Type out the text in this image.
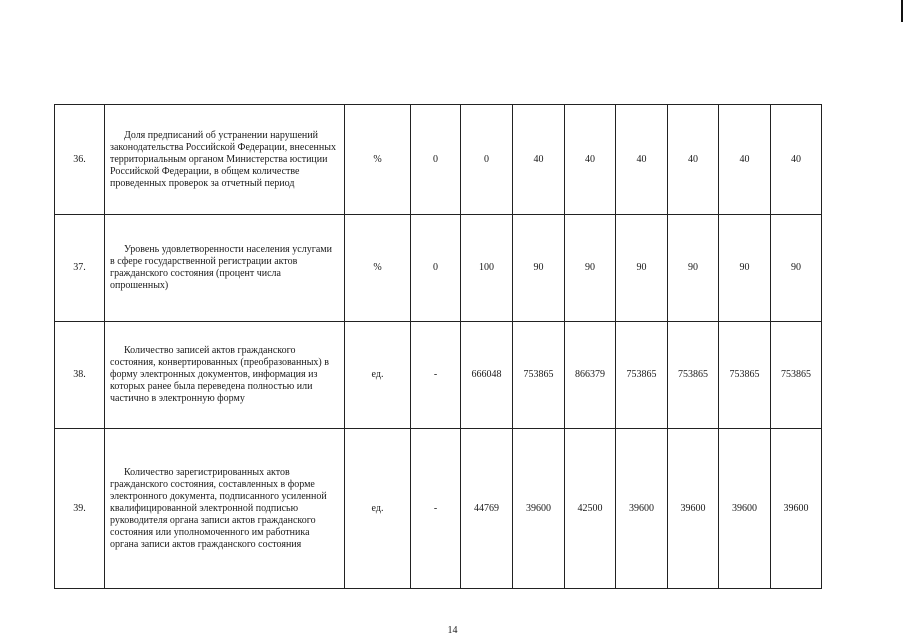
36.	Доля предписаний об устранении нарушений законодательства Российской Федерации, внесенных территориальным органом Министерства юстиции Российской Федерации, в общем количестве проведенных проверок за отчетный период	%	0	0	40	40	40	40	40	40
37.	Уровень удовлетворенности населения услугами в сфере государственной регистрации актов гражданского состояния (процент числа опрошенных)	%	0	100	90	90	90	90	90	90
38.	Количество записей актов гражданского состояния, конвертированных (преобразованных) в форму электронных документов, информация из которых ранее была переведена полностью или частично в электронную форму	ед.	-	666048	753865	866379	753865	753865	753865	753865
39.	Количество зарегистрированных актов гражданского состояния, составленных в форме электронного документа, подписанного усиленной квалифицированной электронной подписью руководителя органа записи актов гражданского состояния или уполномоченного им работника органа записи актов гражданского состояния	ед.	-	44769	39600	42500	39600	39600	39600	39600
14
